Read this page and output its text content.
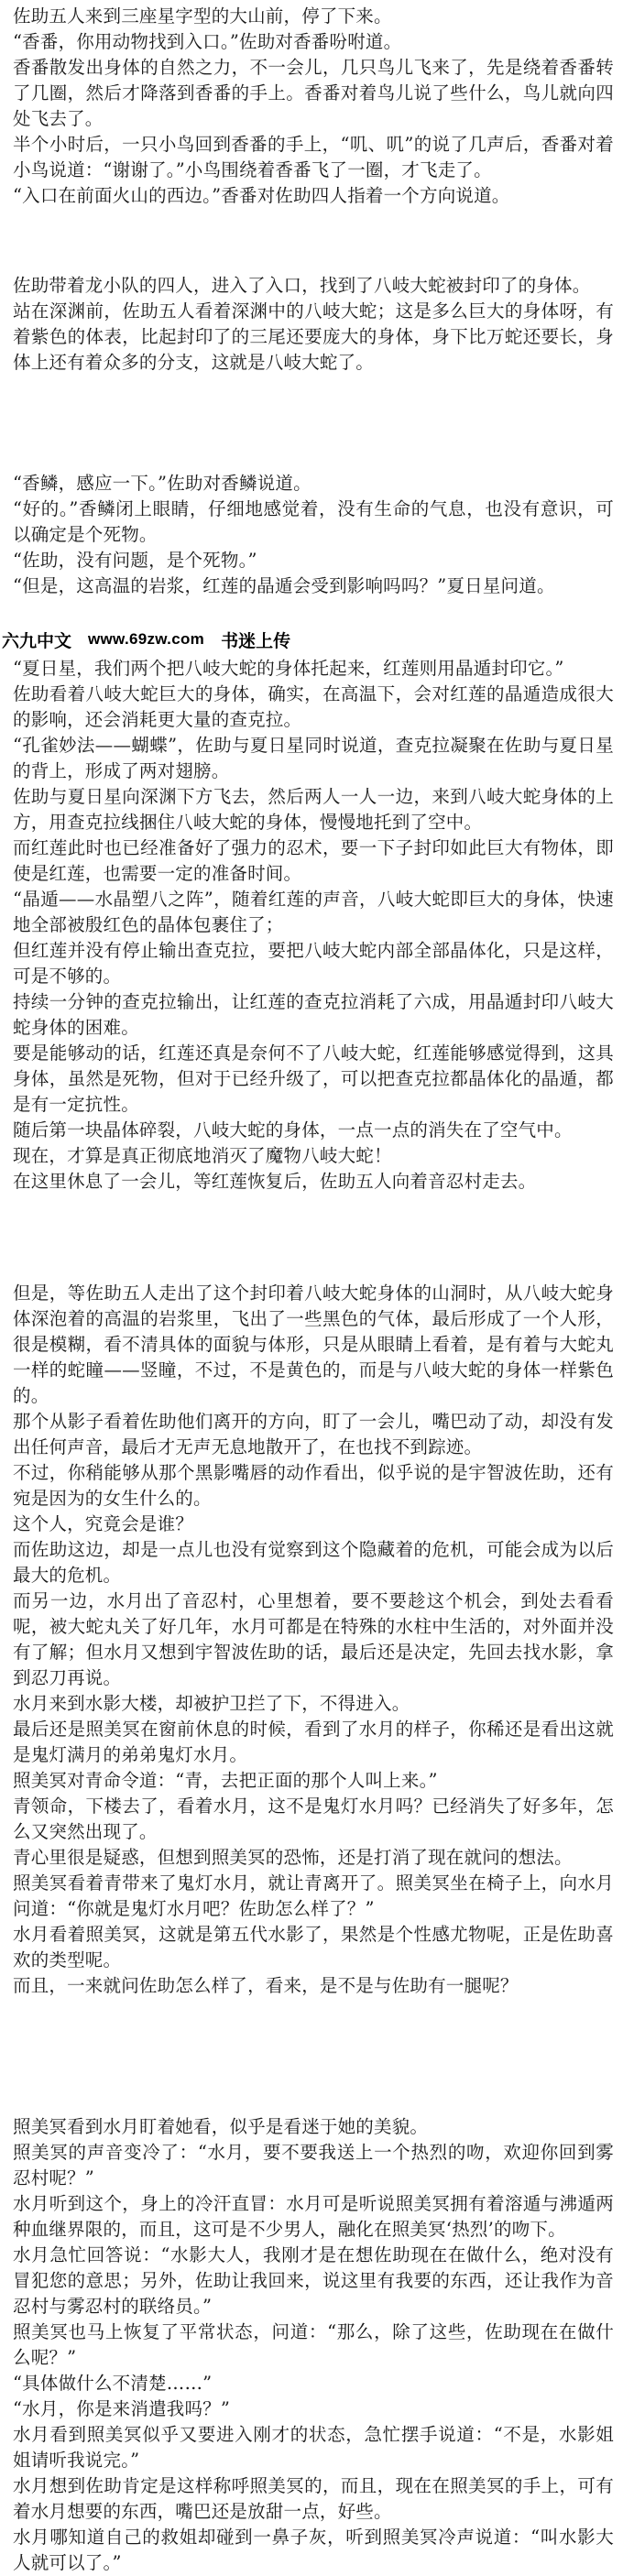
佐助五人来到三座星字型的大山前，停了下来。

“香番，你用动物找到入口。”佐助对香番吩咐道。

香番散发出身体的自然之力，不一会儿，几只鸟儿飞来了，先是绕着香番转了几圈，然后才降落到香番的手上。香番对着鸟儿说了些什么，鸟儿就向四处飞去了。

半个小时后，一只小鸟回到香番的手上，“叽、叽”的说了几声后，香番对着小鸟说道：“谢谢了。”小鸟围绕着香番飞了一圈，才飞走了。

“入口在前面火山的西边。”香番对佐助四人指着一个方向说道。

佐助带着龙小队的四人，进入了入口，找到了八岐大蛇被封印了的身体。

站在深渊前，佐助五人看着深渊中的八岐大蛇；这是多么巨大的身体呀，有着紫色的体表，比起封印了的三尾还要庞大的身体，身下比万蛇还要长，身体上还有着众多的分支，这就是八岐大蛇了。

“香鳞，感应一下。”佐助对香鳞说道。

“好的。”香鳞闭上眼睛，仔细地感觉着，没有生命的气息，也没有意识，可以确定是个死物。

“佐助，没有问题，是个死物。”

“但是，这高温的岩浆，红莲的晶遁会受到影响吗吗？”夏日星问道。

六九中文 www.69zw.com 书迷上传

“夏日星，我们两个把八岐大蛇的身体托起来，红莲则用晶遁封印它。”

佐助看着八岐大蛇巨大的身体，确实，在高温下，会对红莲的晶遁造成很大的影响，还会消耗更大量的查克拉。

“孔雀妙法——蝴蝶”，佐助与夏日星同时说道，查克拉凝聚在佐助与夏日星的背上，形成了两对翅膀。

佐助与夏日星向深渊下方飞去，然后两人一人一边，来到八岐大蛇身体的上方，用查克拉线捆住八岐大蛇的身体，慢慢地托到了空中。

而红莲此时也已经准备好了强力的忍术，要一下子封印如此巨大有物体，即使是红莲，也需要一定的准备时间。

“晶遁——水晶塑八之阵”，随着红莲的声音，八岐大蛇即巨大的身体，快速地全部被殷红色的晶体包裹住了；

但红莲并没有停止输出查克拉，要把八岐大蛇内部全部晶体化，只是这样，可是不够的。

持续一分钟的查克拉输出，让红莲的查克拉消耗了六成，用晶遁封印八岐大蛇身体的困难。

要是能够动的话，红莲还真是奈何不了八岐大蛇，红莲能够感觉得到，这具身体，虽然是死物，但对于已经升级了，可以把查克拉都晶体化的晶遁，都是有一定抗性。

随后第一块晶体碎裂，八岐大蛇的身体，一点一点的消失在了空气中。

现在，才算是真正彻底地消灭了魔物八岐大蛇！

在这里休息了一会儿，等红莲恢复后，佐助五人向着音忍村走去。

但是，等佐助五人走出了这个封印着八岐大蛇身体的山洞时，从八岐大蛇身体深泡着的高温的岩浆里，飞出了一些黑色的气体，最后形成了一个人形，很是模糊，看不清具体的面貌与体形，只是从眼睛上看着，是有着与大蛇丸一样的蛇瞳——竖瞳，不过，不是黄色的，而是与八岐大蛇的身体一样紫色的。

那个从影子看着佐助他们离开的方向，盯了一会儿，嘴巴动了动，却没有发出任何声音，最后才无声无息地散开了，在也找不到踪迹。

不过，你稍能够从那个黑影嘴唇的动作看出，似乎说的是宇智波佐助，还有宛是因为的女生什么的。

这个人，究竟会是谁？

而佐助这边，却是一点儿也没有觉察到这个隐藏着的危机，可能会成为以后最大的危机。

而另一边，水月出了音忍村，心里想着，要不要趁这个机会，到处去看看呢，被大蛇丸关了好几年，水月可都是在特殊的水柱中生活的，对外面并没有了解；但水月又想到宇智波佐助的话，最后还是决定，先回去找水影，拿到忍刀再说。

水月来到水影大楼，却被护卫拦了下，不得进入。

最后还是照美冥在窗前休息的时候，看到了水月的样子，你稀还是看出这就是鬼灯满月的弟弟鬼灯水月。

照美冥对青命令道：“青，去把正面的那个人叫上来。”

青领命，下楼去了，看着水月，这不是鬼灯水月吗？已经消失了好多年，怎么又突然出现了。

青心里很是疑惑，但想到照美冥的恐怖，还是打消了现在就问的想法。

照美冥看着青带来了鬼灯水月，就让青离开了。照美冥坐在椅子上，向水月问道：“你就是鬼灯水月吧？佐助怎么样了？”

水月看着照美冥，这就是第五代水影了，果然是个性感尤物呢，正是佐助喜欢的类型呢。

而且，一来就问佐助怎么样了，看来，是不是与佐助有一腿呢？

照美冥看到水月盯着她看，似乎是看迷于她的美貌。

照美冥的声音变冷了：“水月，要不要我送上一个热烈的吻，欢迎你回到雾忍村呢？”

水月听到这个，身上的冷汗直冒：水月可是听说照美冥拥有着溶遁与沸遁两种血继界限的，而且，这可是不少男人，融化在照美冥‘热烈’的吻下。

水月急忙回答说：“水影大人，我刚才是在想佐助现在在做什么，绝对没有冒犯您的意思；另外，佐助让我回来，说这里有我要的东西，还让我作为音忍村与雾忍村的联络员。”

照美冥也马上恢复了平常状态，问道：“那么，除了这些，佐助现在在做什么呢？”

“具体做什么不清楚……”

“水月，你是来消遣我吗？”

水月看到照美冥似乎又要进入刚才的状态，急忙摆手说道：“不是，水影姐姐请听我说完。”

水月想到佐助肯定是这样称呼照美冥的，而且，现在在照美冥的手上，可有着水月想要的东西，嘴巴还是放甜一点，好些。

水月哪知道自己的救姐却碰到一鼻子灰，听到照美冥冷声说道：“叫水影大人就可以了。”
